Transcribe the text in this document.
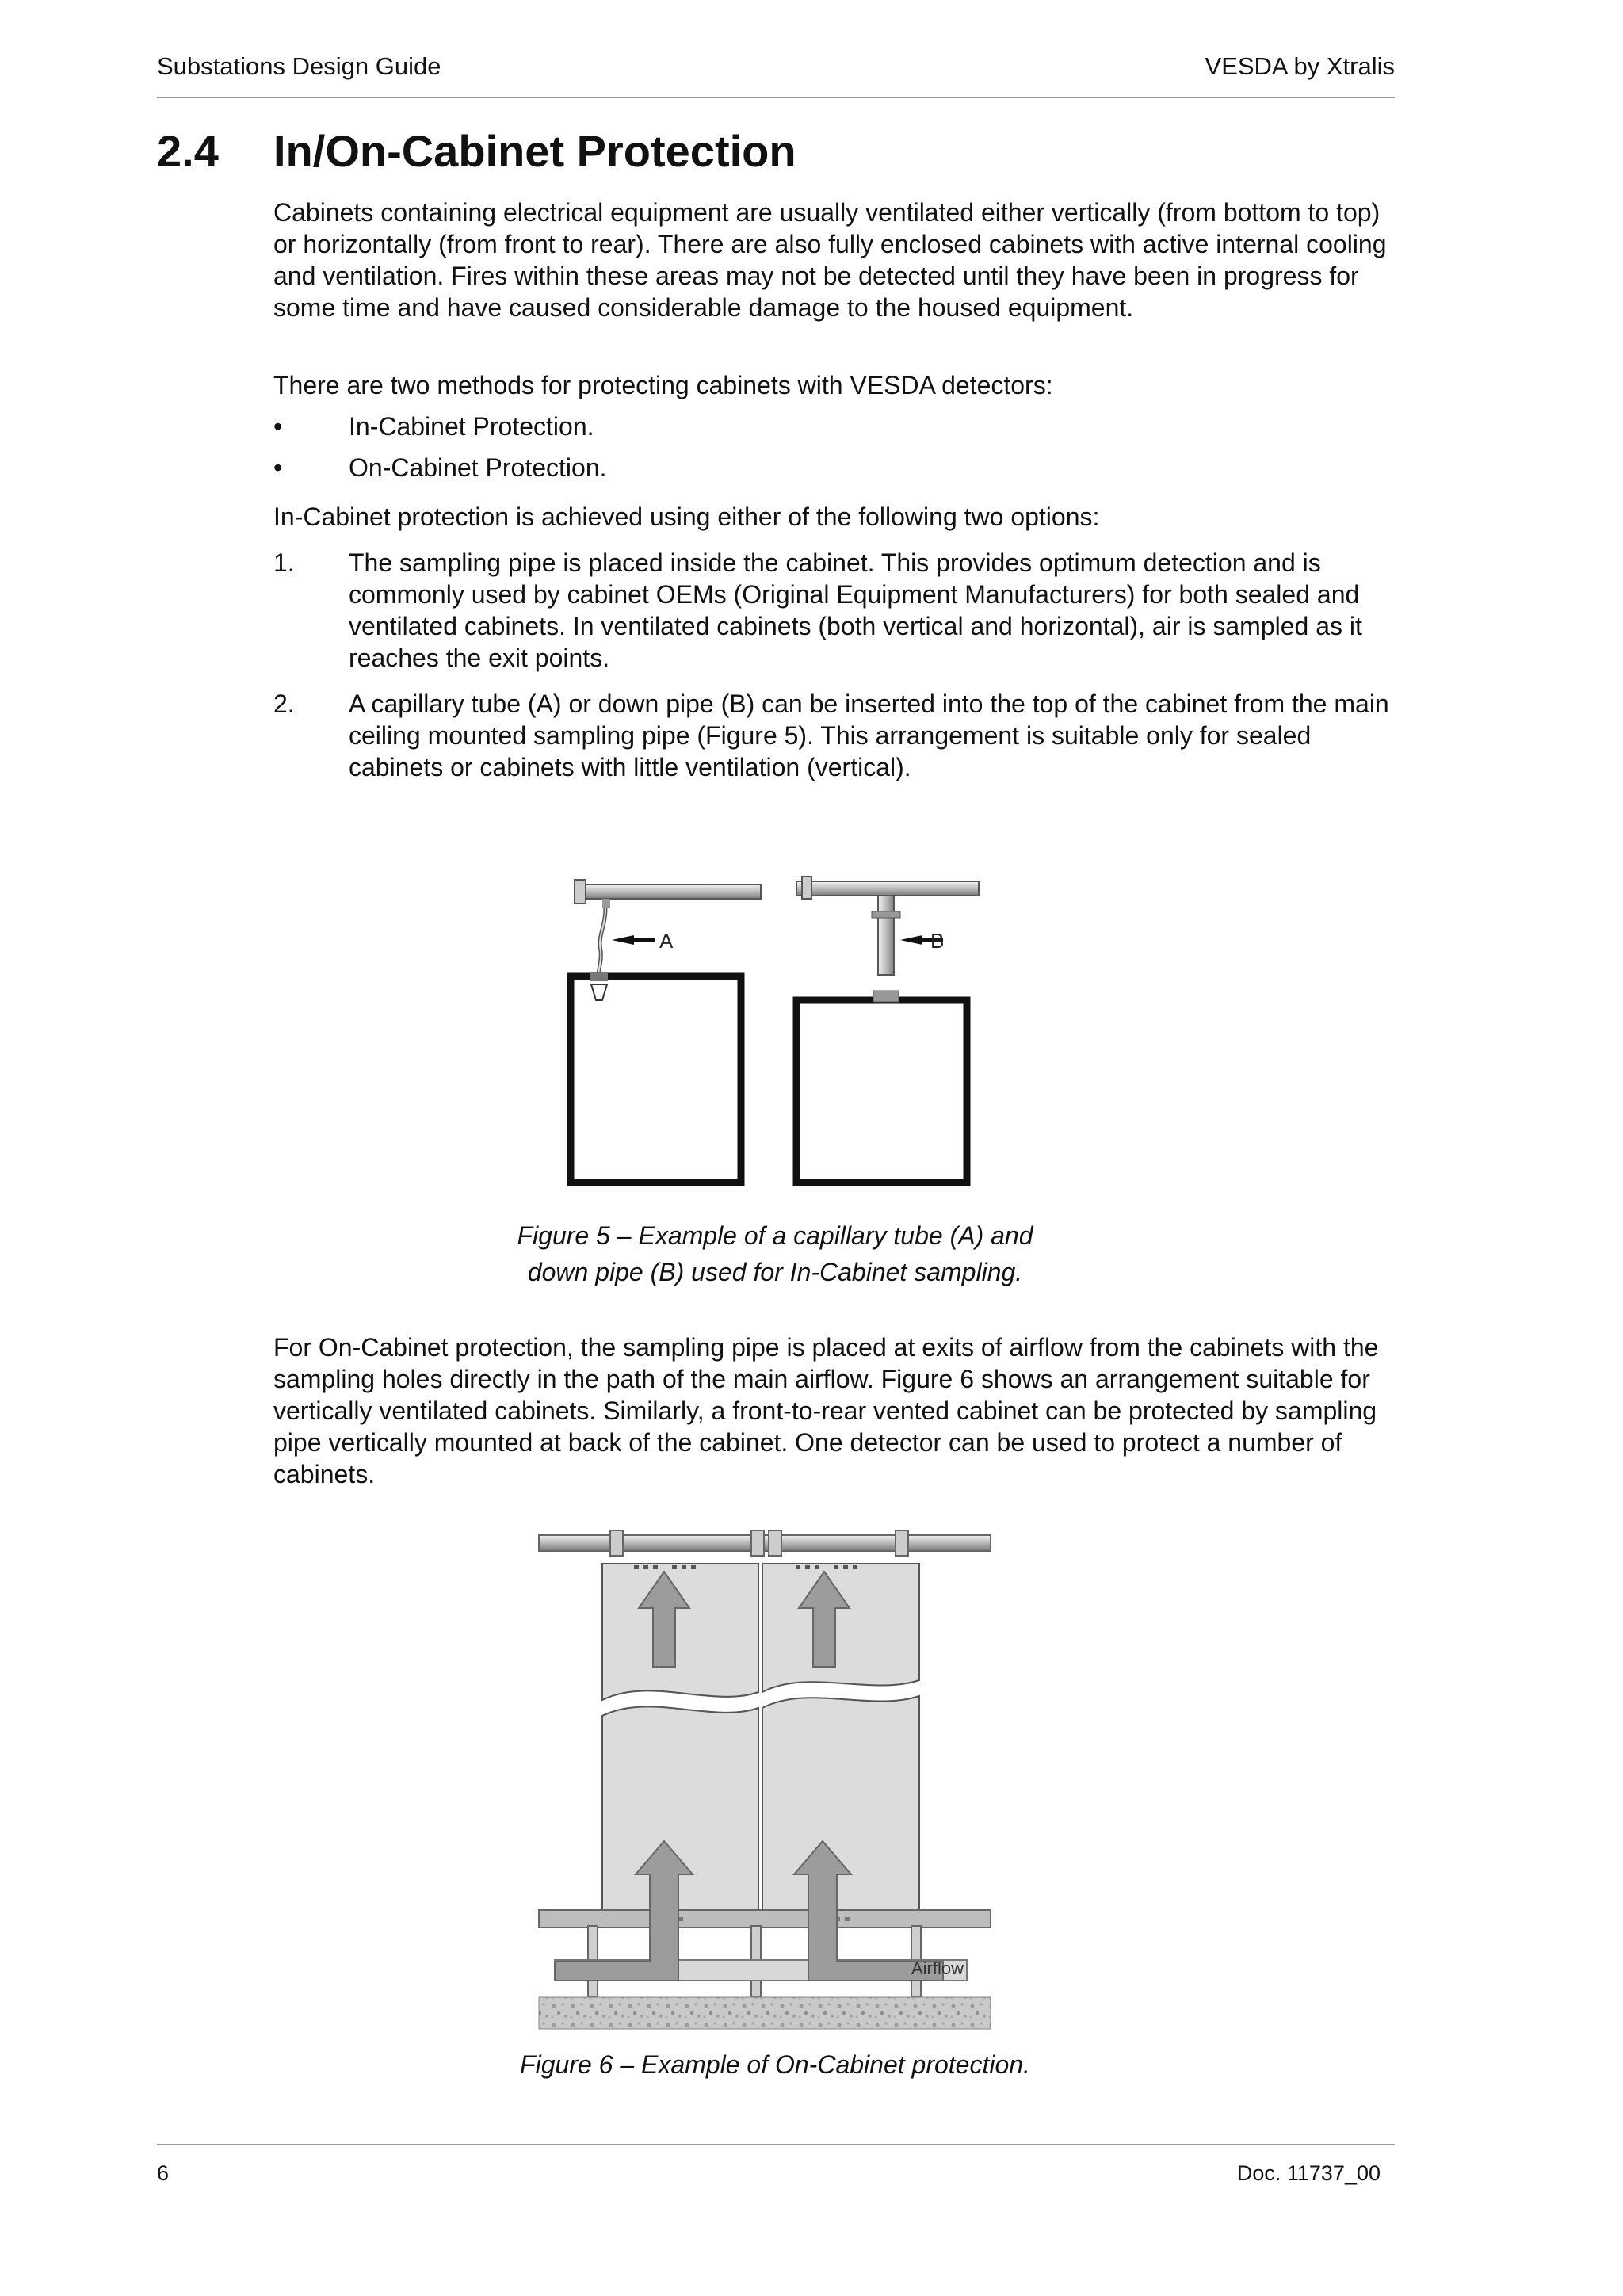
Substations Design Guide	VESDA by Xtralis
2.4 In/On-Cabinet Protection

Cabinets containing electrical equipment are usually ventilated either vertically (from bottom to top) or horizontally (from front to rear). There are also fully enclosed cabinets with active internal cooling and ventilation. Fires within these areas may not be detected until they have been in progress for some time and have caused considerable damage to the housed equipment.

There are two methods for protecting cabinets with VESDA detectors:

•	In-Cabinet Protection.
•	On-Cabinet Protection.

In-Cabinet protection is achieved using either of the following two options:

1. The sampling pipe is placed inside the cabinet. This provides optimum detection and is commonly used by cabinet OEMs (Original Equipment Manufacturers) for both sealed and ventilated cabinets. In ventilated cabinets (both vertical and horizontal), air is sampled as it reaches the exit points.
2. A capillary tube (A) or down pipe (B) can be inserted into the top of the cabinet from the main ceiling mounted sampling pipe (Figure 5). This arrangement is suitable only for sealed cabinets or cabinets with little ventilation (vertical).
A	B
Figure 5 – Example of a capillary tube (A) and
down pipe (B) used for In-Cabinet sampling.

For On-Cabinet protection, the sampling pipe is placed at exits of airflow from the cabinets with the sampling holes directly in the path of the main airflow. Figure 6 shows an arrangement suitable for vertically ventilated cabinets. Similarly, a front-to-rear vented cabinet can be protected by sampling pipe vertically mounted at back of the cabinet. One detector can be used to protect a number of cabinets.

Airflow
Figure 6 – Example of On-Cabinet protection.
6	Doc. 11737_00
